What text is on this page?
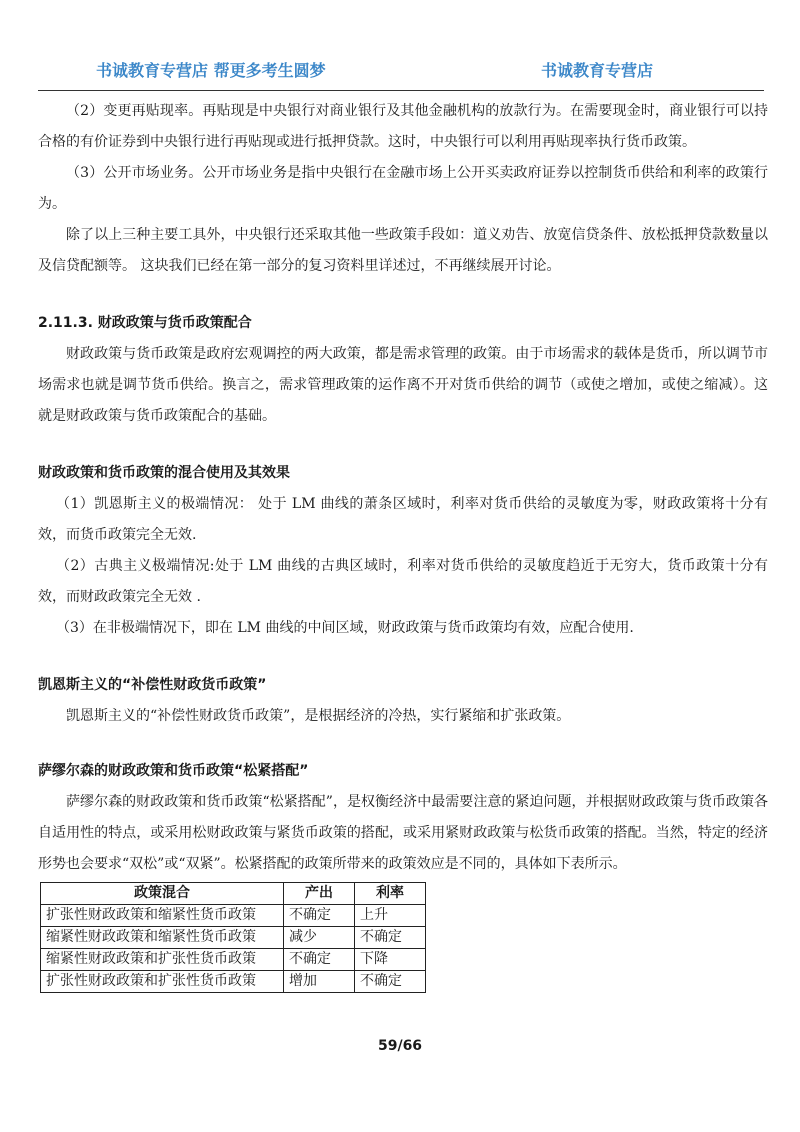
书诚教育专营店 帮更多考生圆梦	书诚教育专营店

（2）变更再贴现率。再贴现是中央银行对商业银行及其他金融机构的放款行为。在需要现金时，商业银行可以持合格的有价证券到中央银行进行再贴现或进行抵押贷款。这时，中央银行可以利用再贴现率执行货币政策。

（3）公开市场业务。公开市场业务是指中央银行在金融市场上公开买卖政府证券以控制货币供给和利率的政策行为。

除了以上三种主要工具外，中央银行还采取其他一些政策手段如：道义劝告、放宽信贷条件、放松抵押贷款数量以及信贷配额等。 这块我们已经在第一部分的复习资料里详述过，不再继续展开讨论。

2.11.3. 财政政策与货币政策配合

财政政策与货币政策是政府宏观调控的两大政策，都是需求管理的政策。由于市场需求的载体是货币，所以调节市场需求也就是调节货币供给。换言之，需求管理政策的运作离不开对货币供给的调节（或使之增加，或使之缩减）。这就是财政政策与货币政策配合的基础。

财政政策和货币政策的混合使用及其效果

（1）凯恩斯主义的极端情况： 处于 LM 曲线的萧条区域时，利率对货币供给的灵敏度为零，财政政策将十分有效，而货币政策完全无效.

（2）古典主义极端情况:处于 LM 曲线的古典区域时，利率对货币供给的灵敏度趋近于无穷大，货币政策十分有效，而财政政策完全无效 .

（3）在非极端情况下，即在 LM 曲线的中间区域，财政政策与货币政策均有效，应配合使用.

凯恩斯主义的“补偿性财政货币政策”

凯恩斯主义的“补偿性财政货币政策”，是根据经济的冷热，实行紧缩和扩张政策。

萨缪尔森的财政政策和货币政策“松紧搭配”

萨缪尔森的财政政策和货币政策“松紧搭配”，是权衡经济中最需要注意的紧迫问题，并根据财政政策与货币政策各自适用性的特点，或采用松财政政策与紧货币政策的搭配，或采用紧财政政策与松货币政策的搭配。当然，特定的经济形势也会要求“双松”或“双紧”。松紧搭配的政策所带来的政策效应是不同的，具体如下表所示。

政策混合	产出	利率
扩张性财政政策和缩紧性货币政策	不确定	上升
缩紧性财政政策和缩紧性货币政策	减少	不确定
缩紧性财政政策和扩张性货币政策	不确定	下降
扩张性财政政策和扩张性货币政策	增加	不确定
59/66
